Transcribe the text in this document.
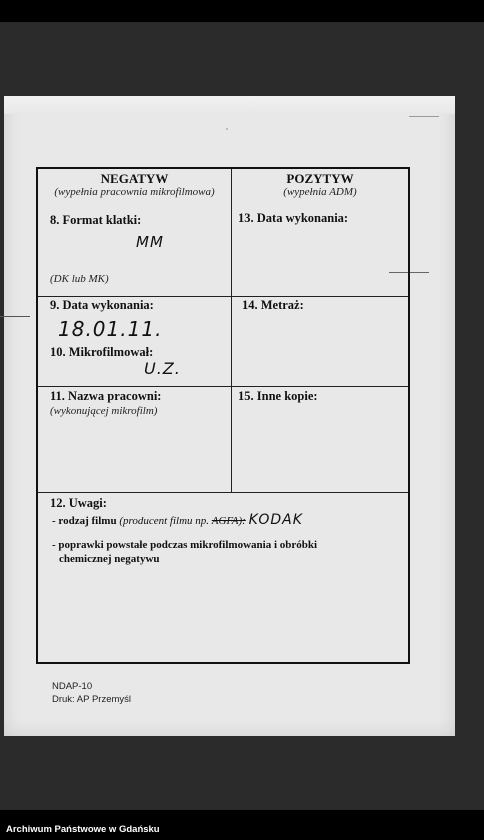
NEGATYW
(wypełnia pracownia mikrofilmowa)
POZYTYW
(wypełnia ADM)
8. Format klatki:
MM
(DK lub MK)
13. Data wykonania:
9. Data wykonania:
18.01.11.
10. Mikrofilmował:
U.Z.
14. Metraż:
11. Nazwa pracowni:
(wykonującej mikrofilm)
15. Inne kopie:
12. Uwagi:
- rodzaj filmu (producent filmu np. AGFA): KODAK
- poprawki powstałe podczas mikrofilmowania i obróbki
chemicznej negatywu
NDAP-10
Druk: AP Przemyśl
Archiwum Państwowe w Gdańsku
